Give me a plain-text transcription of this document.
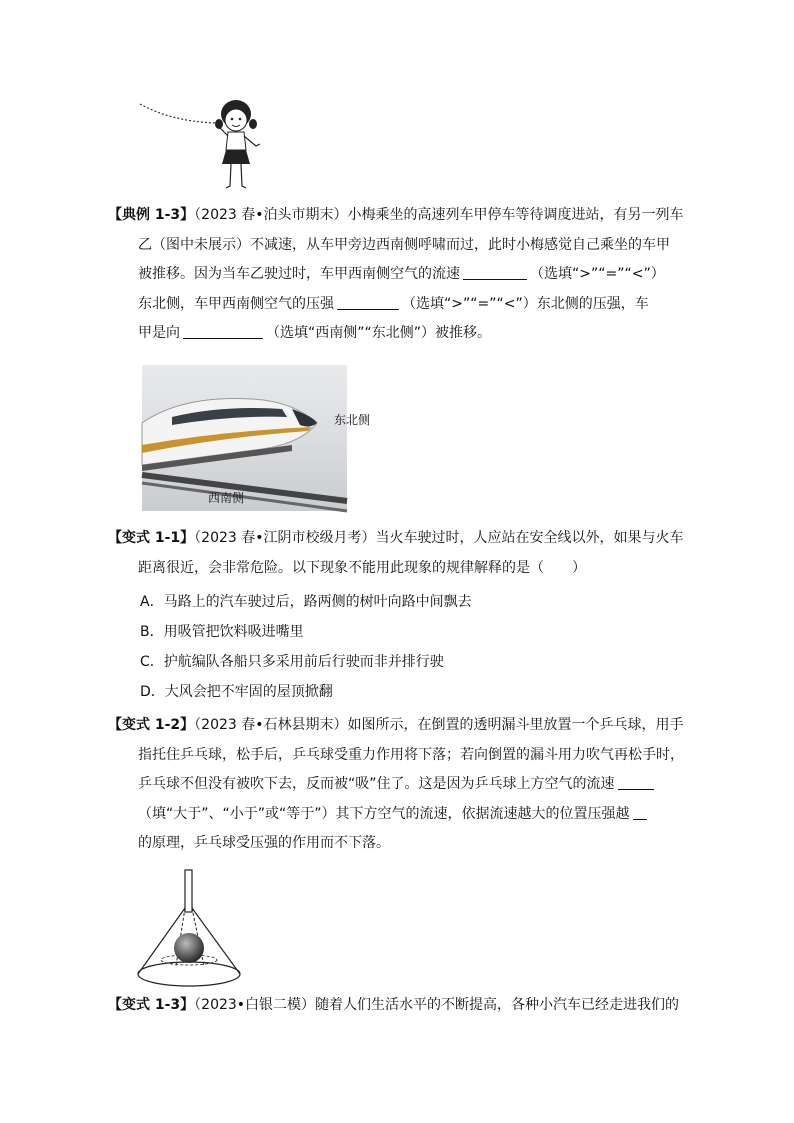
【典例 1-3】（2023 春•泊头市期末）小梅乘坐的高速列车甲停车等待调度进站，有另一列车
乙（图中未展示）不减速，从车甲旁边西南侧呼啸而过，此时小梅感觉自己乘坐的车甲
被推移。因为当车乙驶过时，车甲西南侧空气的流速	（选填“>”“=”“<”）
东北侧，车甲西南侧空气的压强	（选填“>”“=”“<”）东北侧的压强，车
甲是向	（选填“西南侧”“东北侧”）被推移。
东北侧
西南侧
【变式 1-1】（2023 春•江阴市校级月考）当火车驶过时，人应站在安全线以外，如果与火车
距离很近，会非常危险。以下现象不能用此现象的规律解释的是（　　）
A．马路上的汽车驶过后，路两侧的树叶向路中间飘去
B．用吸管把饮料吸进嘴里
C．护航编队各船只多采用前后行驶而非并排行驶
D．大风会把不牢固的屋顶掀翻
【变式 1-2】（2023 春•石林县期末）如图所示，在倒置的透明漏斗里放置一个乒乓球，用手
指托住乒乓球，松手后，乒乓球受重力作用将下落；若向倒置的漏斗用力吹气再松手时，
乒乓球不但没有被吹下去，反而被“吸”住了。这是因为乒乓球上方空气的流速
（填“大于”、“小于”或“等于”）其下方空气的流速，依据流速越大的位置压强越
的原理，乒乓球受压强的作用而不下落。
【变式 1-3】（2023•白银二模）随着人们生活水平的不断提高，各种小汽车已经走进我们的
